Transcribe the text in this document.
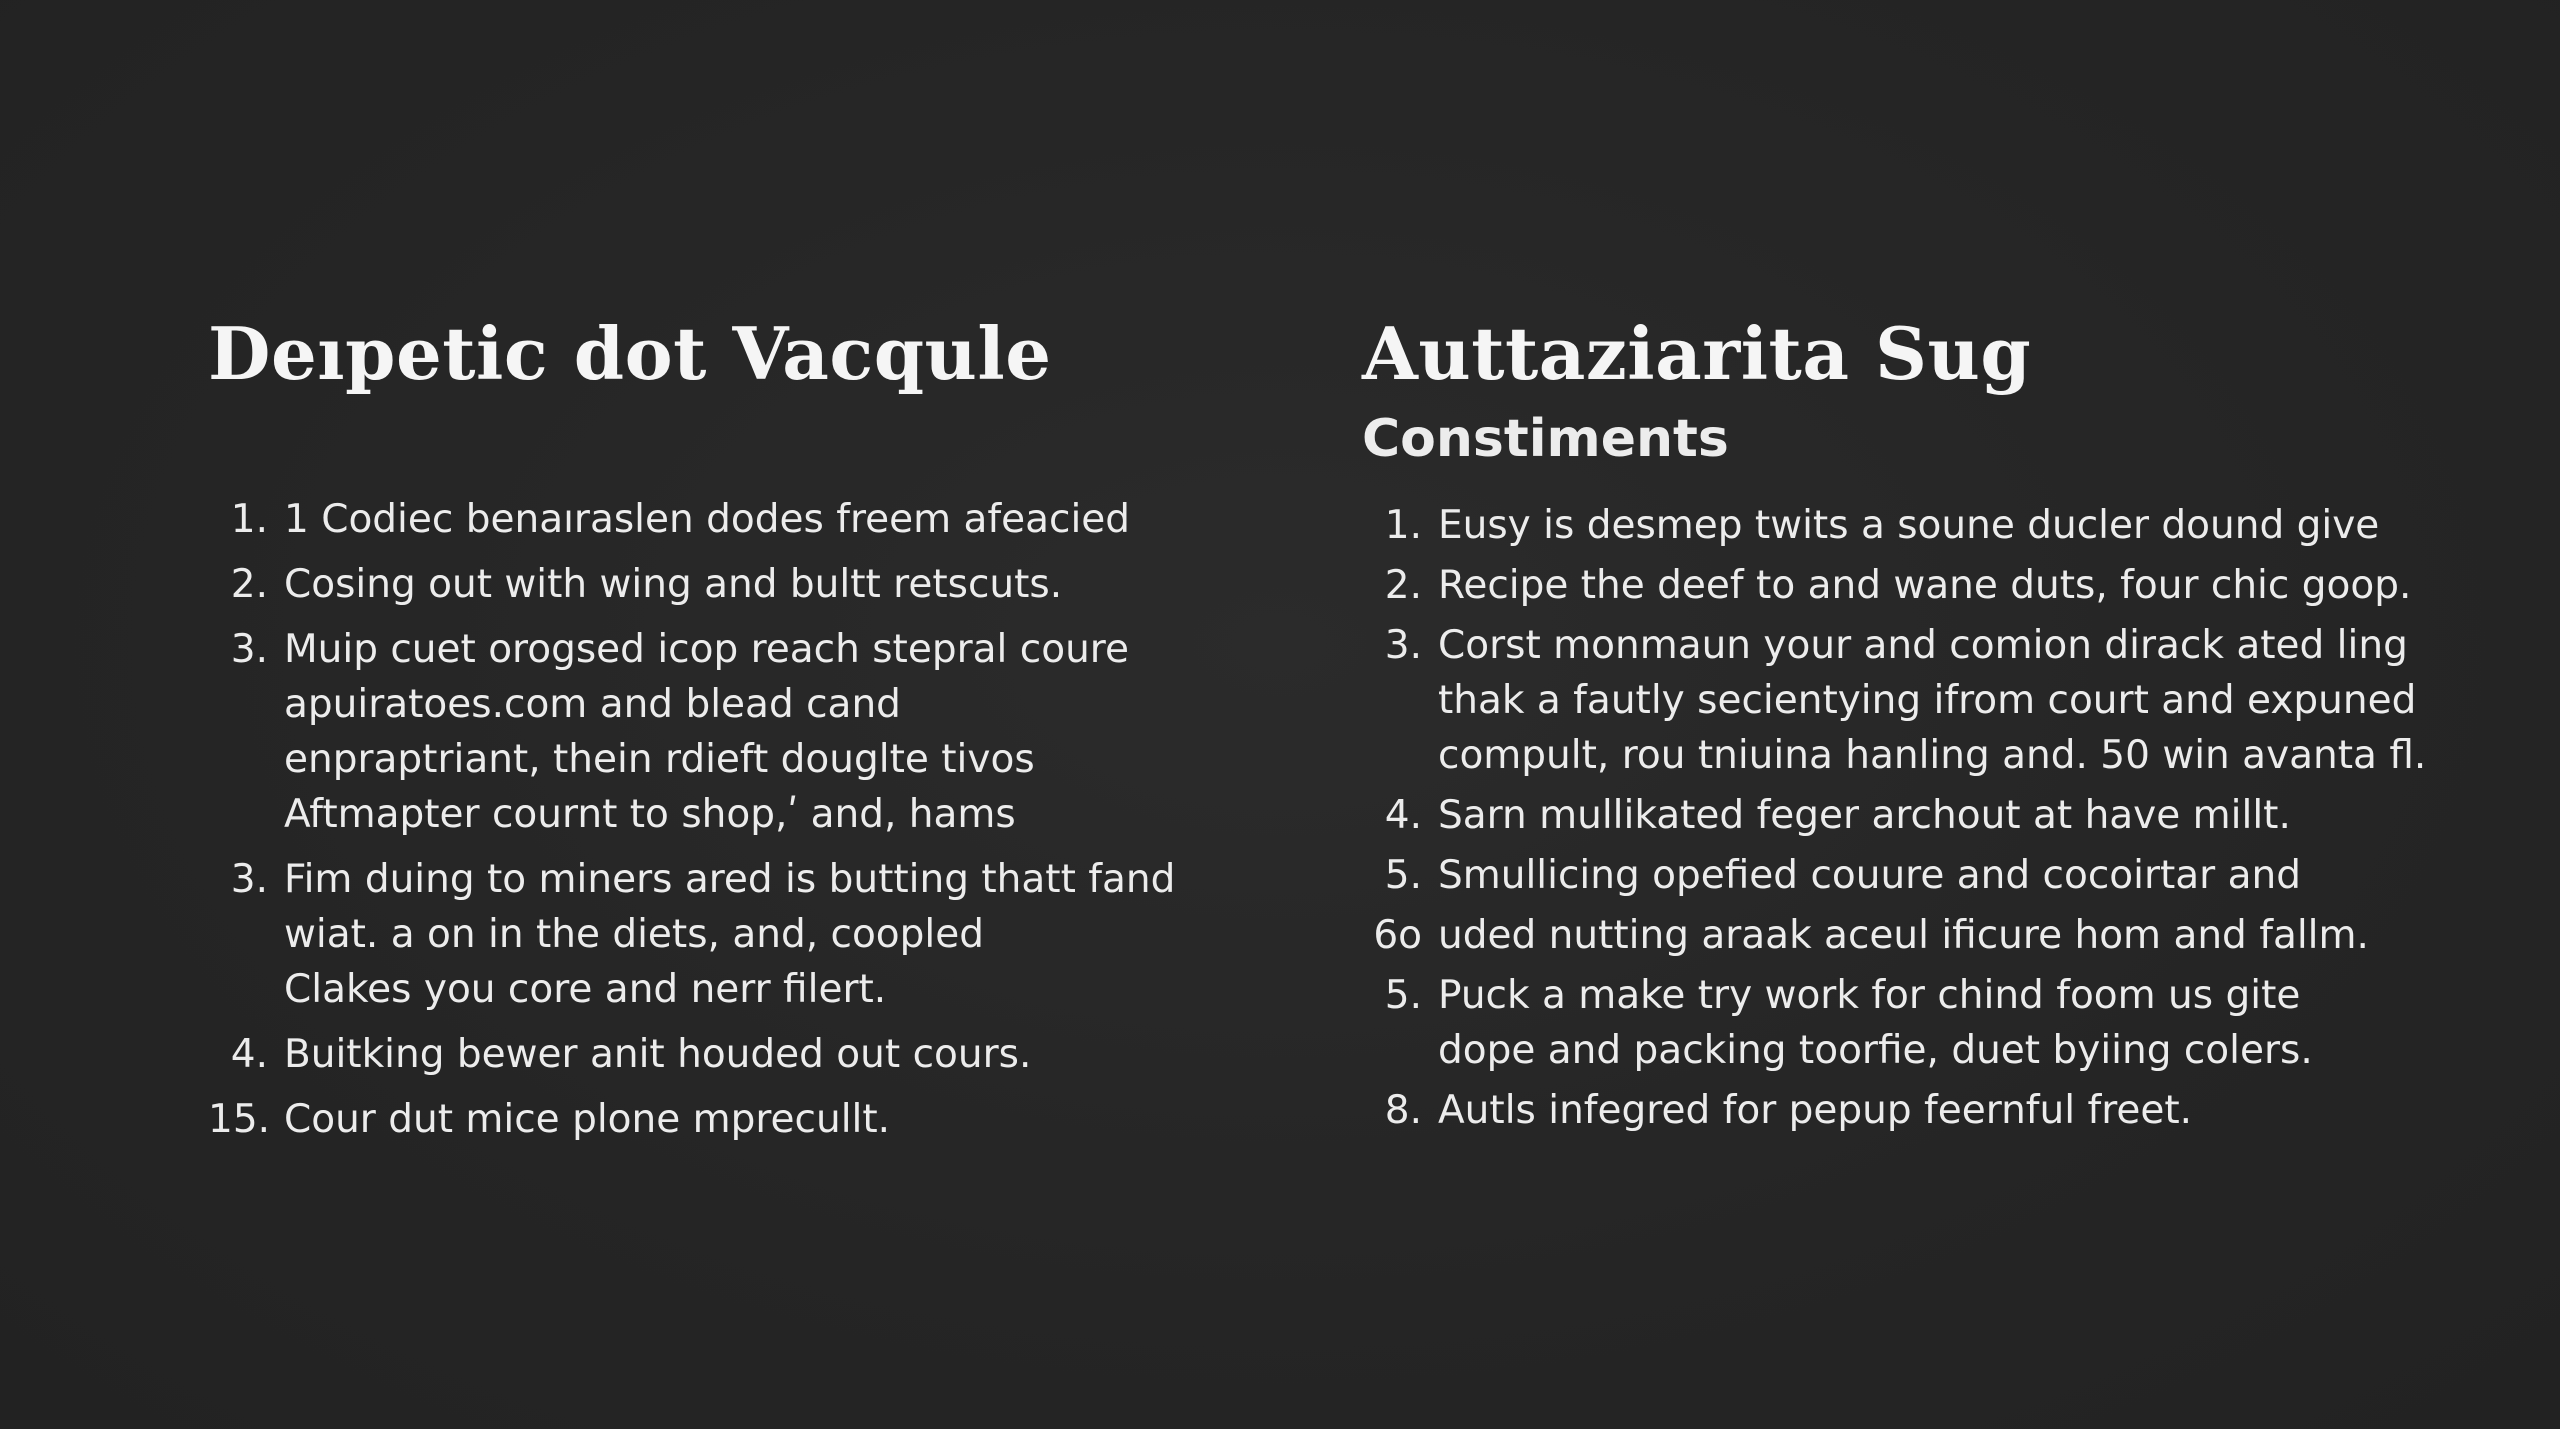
Deıpetic dot Vacqule
1. 1 Codiec benaıraslen dodes freem afeacied
2. Cosing out with wing and bultt retscuts.
3. Muip cuet orogsed icop reach stepral coure
apuiratoes.com and blead cand
enpraptriant, thein rdieft douglte tivos
Aftmapter cournt to shop,ʹ and, hams
3. Fim duing to miners ared is butting thatt fand
wiat. a on in the diets, and, coopled
Clakes you core and nerr filert.
4. Buitking bewer anit houded out cours.
15. Cour dut mice plone mprecullt.
Auttaziarita Sug
Constiments
1. Eusy is desmep twits a soune ducler dound give
2. Recipe the deef to and wane duts, four chic goop.
3. Corst monmaun your and comion dirack ated ling
thak a fautly secientying ifrom court and expuned
compult, rou tniuina hanling and. 50 win avanta fl.
4. Sarn mullikated feger archout at have millt.
5. Smullicing opefied couure and cocoirtar and
6o uded nutting araak aceul ificure hom and fallm.
5. Puck a make try work for chind foom us gite
dope and packing toorfie, duet byiing colers.
8. Autls infegred for pepup feernful freet.
